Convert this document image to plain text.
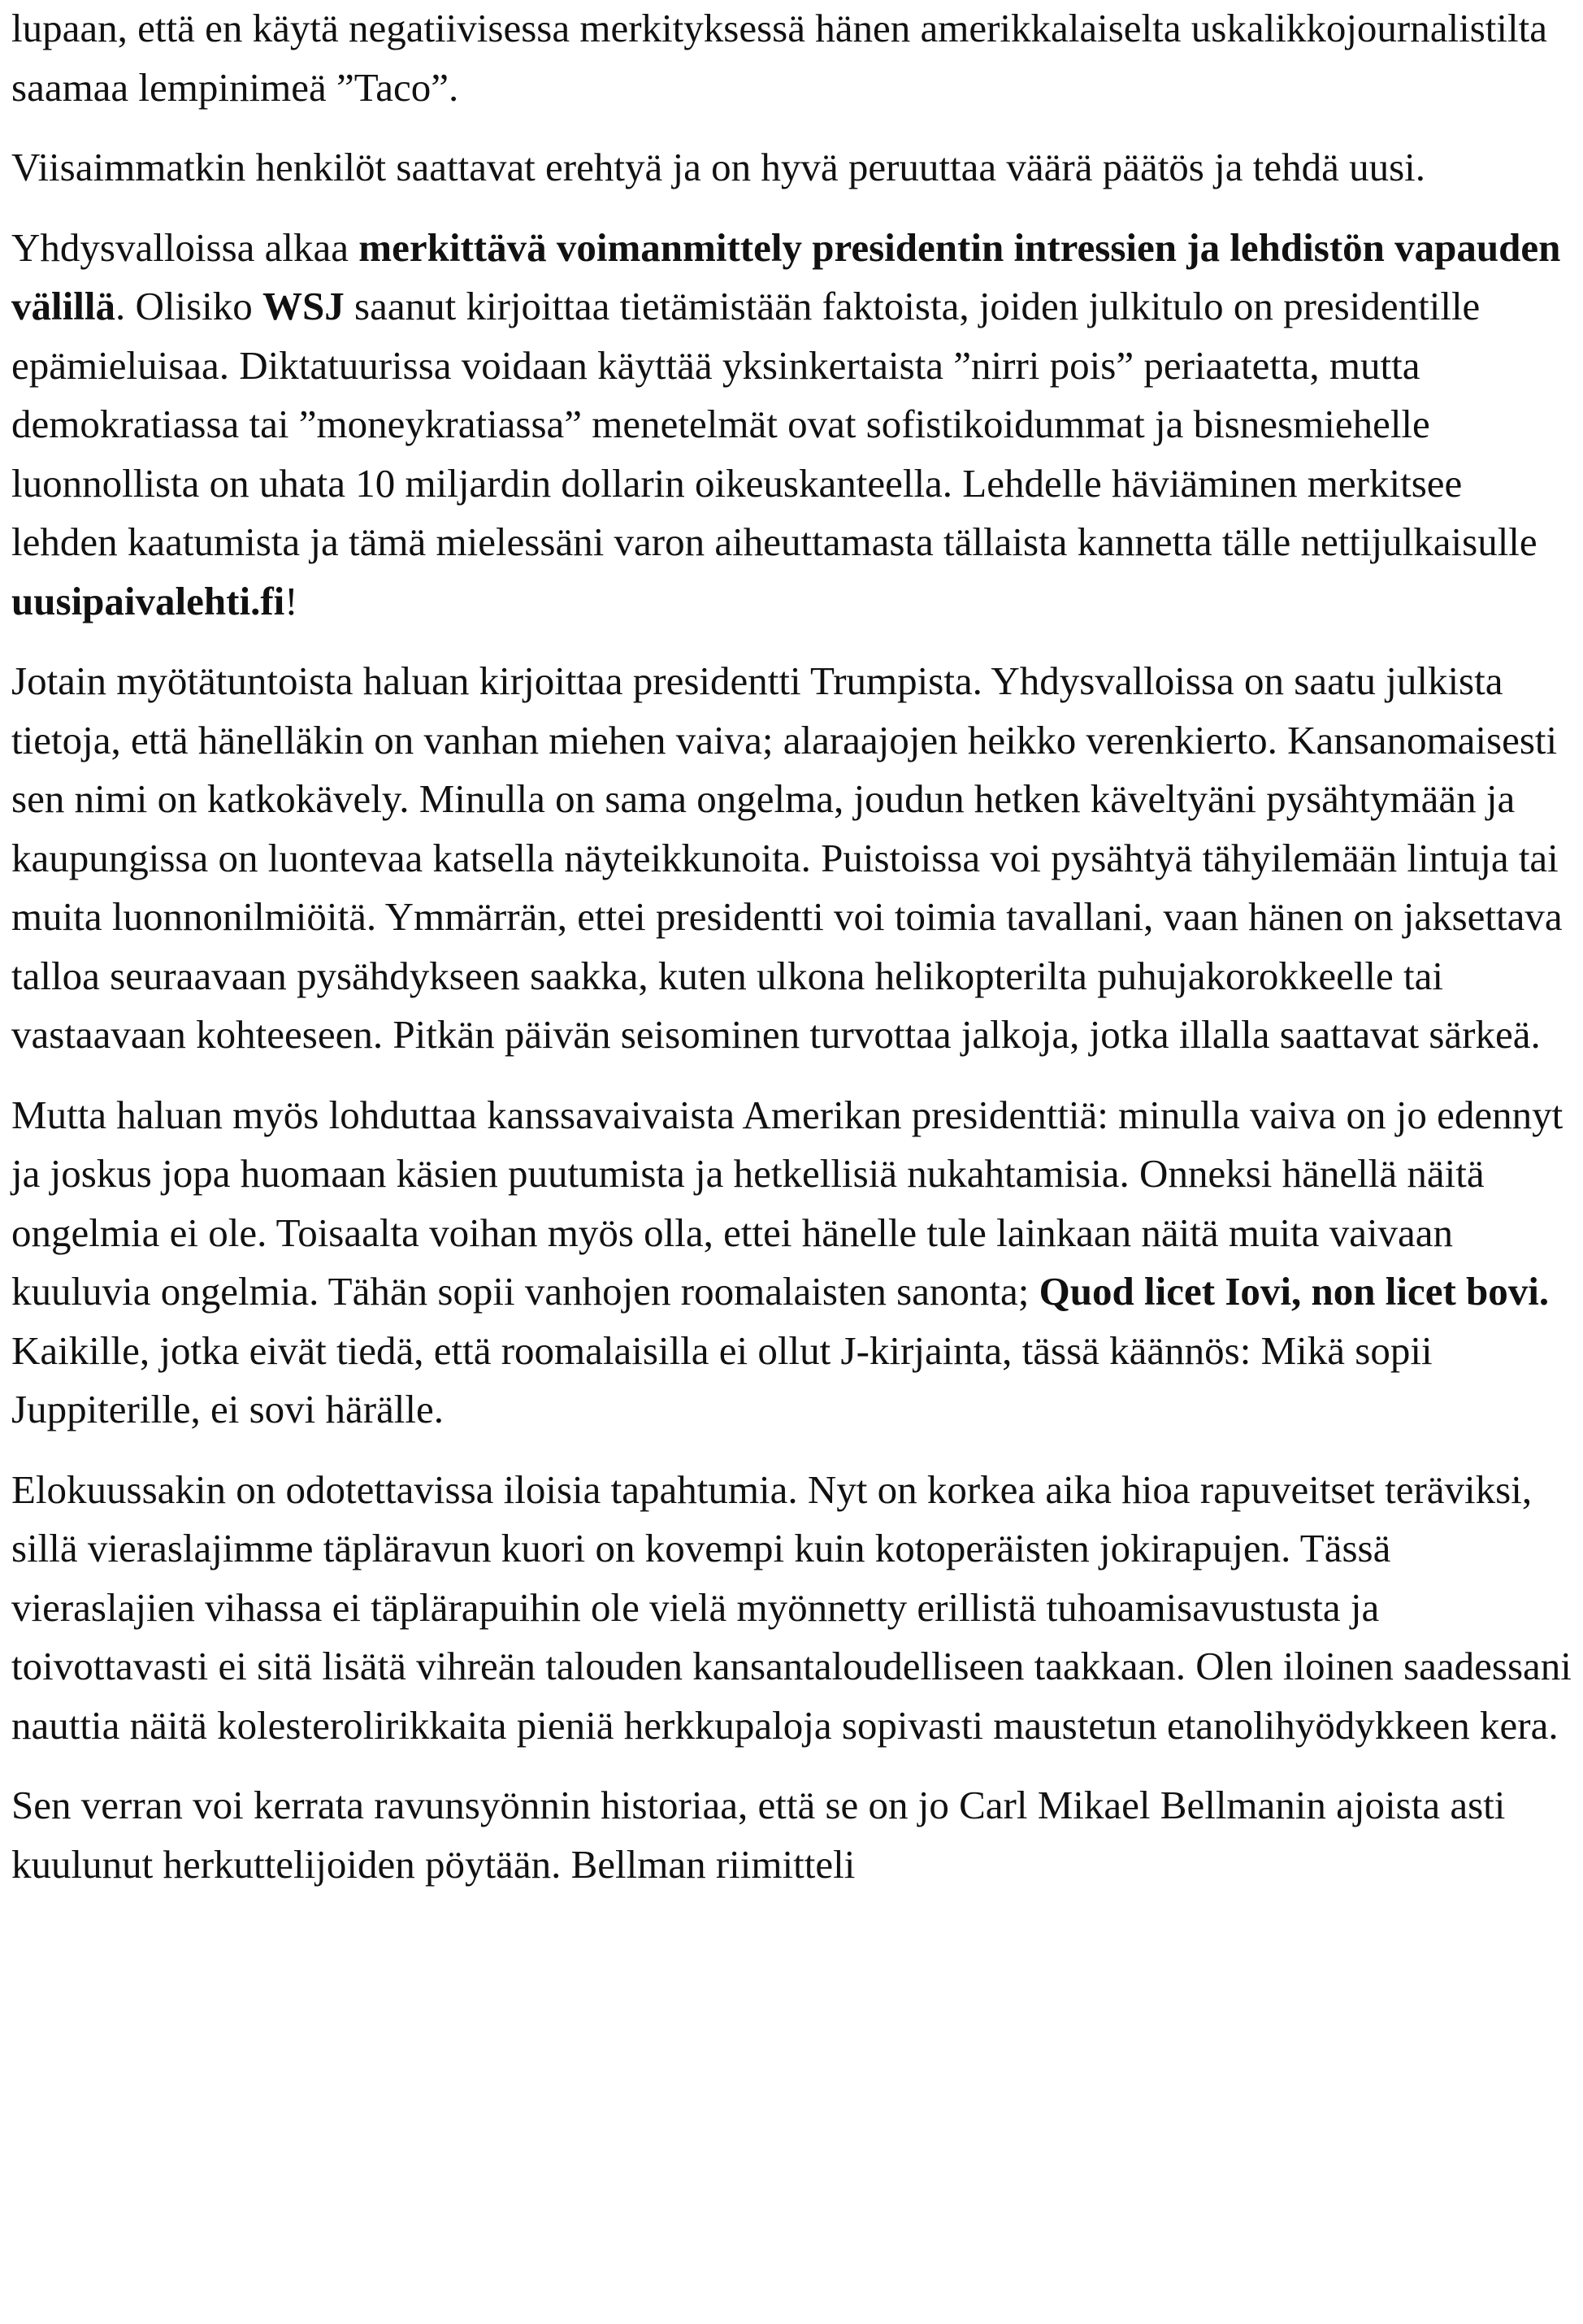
lupaan, että en käytä negatiivisessa merkityksessä hänen amerikkalaiselta uskalikkojournalistilta saamaa lempinimeä ”Taco”.

Viisaimmatkin henkilöt saattavat erehtyä ja on hyvä peruuttaa väärä päätös ja tehdä uusi.

Yhdysvalloissa alkaa merkittävä voimanmittely presidentin intressien ja lehdistön vapauden välillä. Olisiko WSJ saanut kirjoittaa tietämistään faktoista, joiden julkitulo on presidentille epämieluisaa. Diktatuurissa voidaan käyttää yksinkertaista ”nirri pois” periaatetta, mutta demokratiassa tai ”moneykratiassa” menetelmät ovat sofistikoidummat ja bisnesmiehelle luonnollista on uhata 10 miljardin dollarin oikeuskanteella. Lehdelle häviäminen merkitsee lehden kaatumista ja tämä mielessäni varon aiheuttamasta tällaista kannetta tälle nettijulkaisulle uusipaivalehti.fi!

Jotain myötätuntoista haluan kirjoittaa presidentti Trumpista. Yhdysvalloissa on saatu julkista tietoja, että hänelläkin on vanhan miehen vaiva; alaraajojen heikko verenkierto. Kansanomaisesti sen nimi on katkokävely. Minulla on sama ongelma, joudun hetken käveltyäni pysähtymään ja kaupungissa on luontevaa katsella näyteikkunoita. Puistoissa voi pysähtyä tähyilemään lintuja tai muita luonnonilmiöitä. Ymmärrän, ettei presidentti voi toimia tavallani, vaan hänen on jaksettava talloa seuraavaan pysähdykseen saakka, kuten ulkona helikopterilta puhujakorokkeelle tai vastaavaan kohteeseen. Pitkän päivän seisominen turvottaa jalkoja, jotka illalla saattavat särkeä.

Mutta haluan myös lohduttaa kanssavaivaista Amerikan presidenttiä: minulla vaiva on jo edennyt ja joskus jopa huomaan käsien puutumista ja hetkellisiä nukahtamisia. Onneksi hänellä näitä ongelmia ei ole. Toisaalta voihan myös olla, ettei hänelle tule lainkaan näitä muita vaivaan kuuluvia ongelmia. Tähän sopii vanhojen roomalaisten sanonta; Quod licet Iovi, non licet bovi. Kaikille, jotka eivät tiedä, että roomalaisilla ei ollut J-kirjainta, tässä käännös: Mikä sopii Juppiterille, ei sovi härälle.

Elokuussakin on odotettavissa iloisia tapahtumia. Nyt on korkea aika hioa rapuveitset teräviksi, sillä vieraslajimme täpläravun kuori on kovempi kuin kotoperäisten jokirapujen. Tässä vieraslajien vihassa ei täplärapuihin ole vielä myönnetty erillistä tuhoamisavustusta ja toivottavasti ei sitä lisätä vihreän talouden kansantaloudelliseen taakkaan. Olen iloinen saadessani nauttia näitä kolesterolirikkaita pieniä herkkupaloja sopivasti maustetun etanolihyödykkeen kera.

Sen verran voi kerrata ravunsyönnin historiaa, että se on jo Carl Mikael Bellmanin ajoista asti kuulunut herkuttelijoiden pöytään. Bellman riimitteli
